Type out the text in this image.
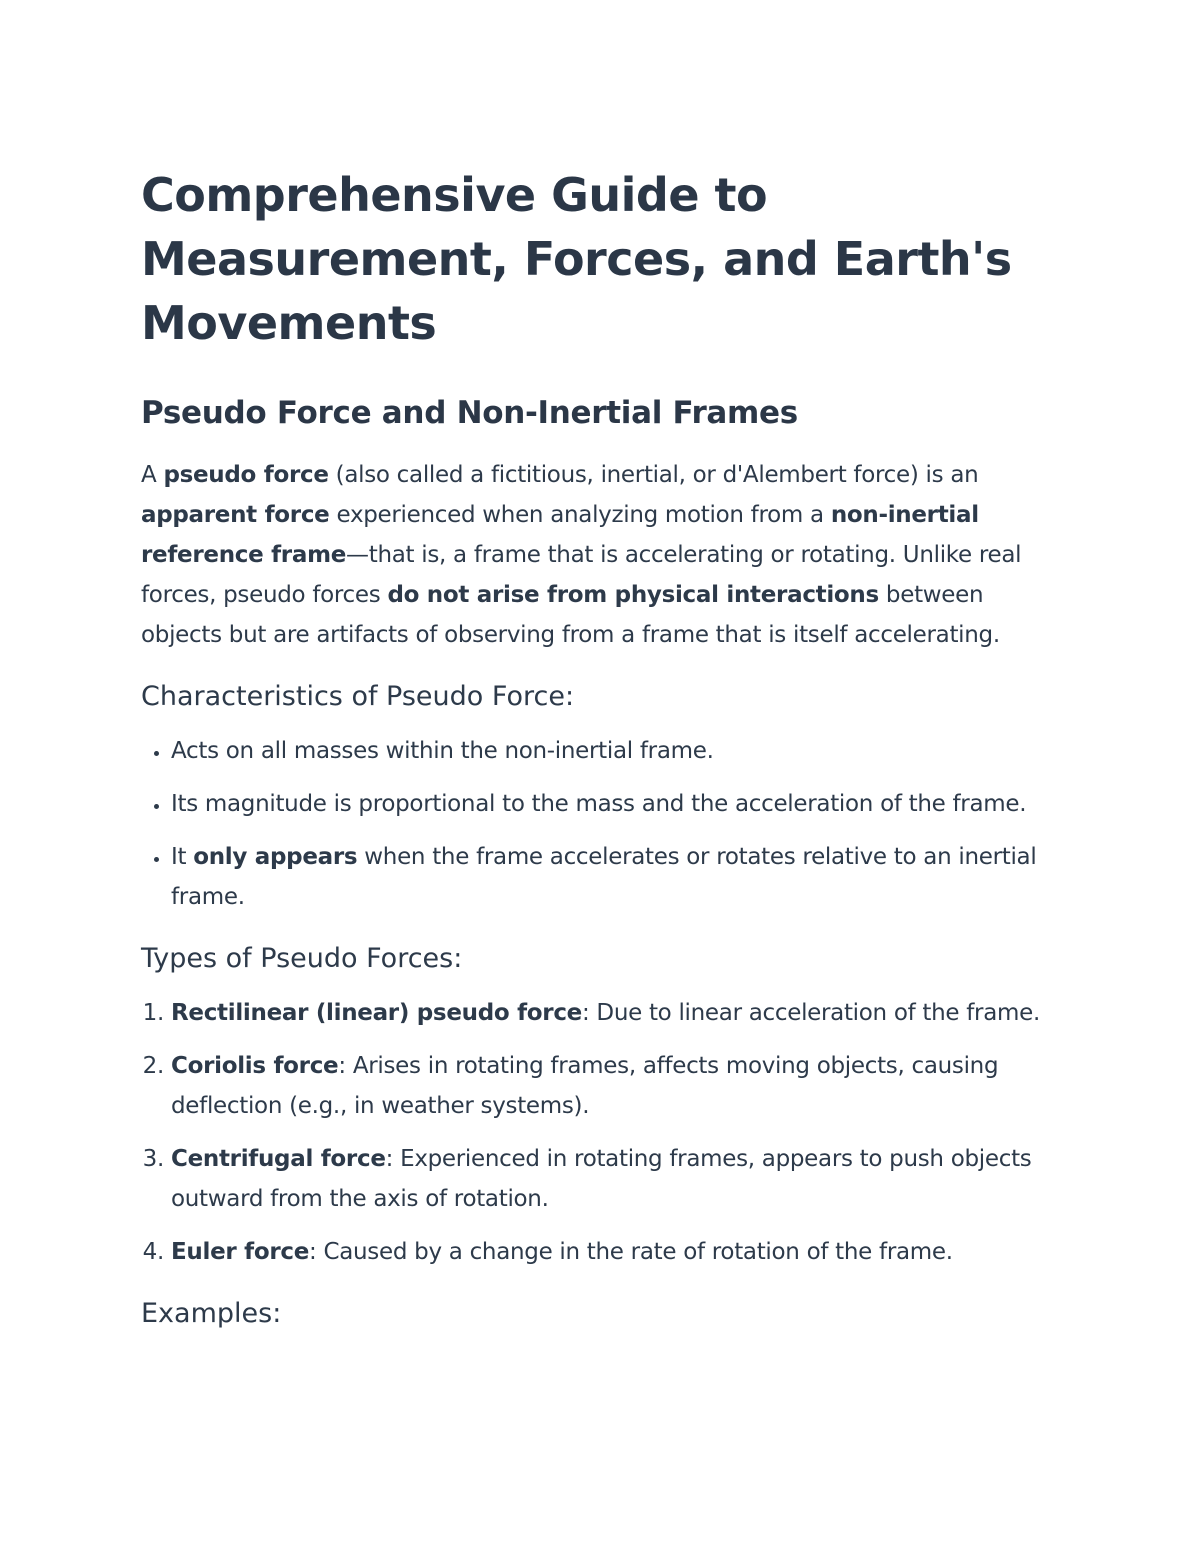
Comprehensive Guide to Measurement, Forces, and Earth's Movements
Pseudo Force and Non-Inertial Frames

A pseudo force (also called a fictitious, inertial, or d'Alembert force) is an apparent force experienced when analyzing motion from a non-inertial reference frame—that is, a frame that is accelerating or rotating. Unlike real forces, pseudo forces do not arise from physical interactions between objects but are artifacts of observing from a frame that is itself accelerating.

Characteristics of Pseudo Force:
• Acts on all masses within the non-inertial frame.
• Its magnitude is proportional to the mass and the acceleration of the frame.
• It only appears when the frame accelerates or rotates relative to an inertial frame.
Types of Pseudo Forces:
1. Rectilinear (linear) pseudo force: Due to linear acceleration of the frame.
2. Coriolis force: Arises in rotating frames, affects moving objects, causing deflection (e.g., in weather systems).
3. Centrifugal force: Experienced in rotating frames, appears to push objects outward from the axis of rotation.
4. Euler force: Caused by a change in the rate of rotation of the frame.
Examples:
